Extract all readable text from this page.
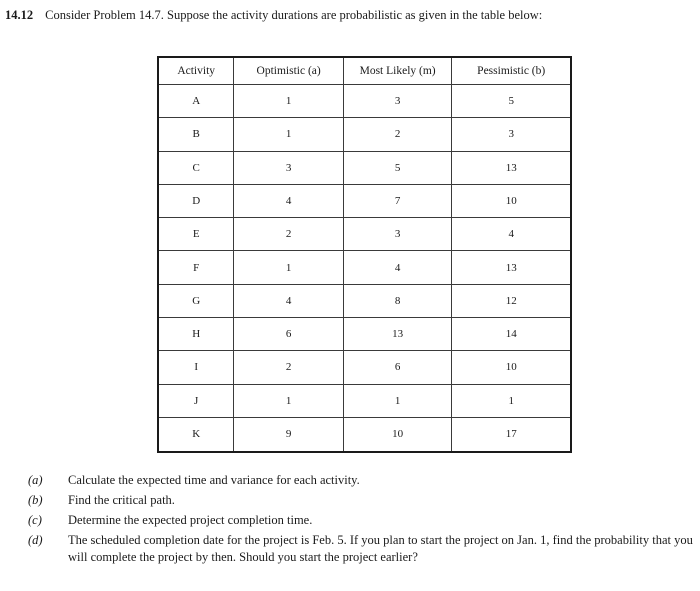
14.12 Consider Problem 14.7. Suppose the activity durations are probabilistic as given in the table below:
Activity	Optimistic (a)	Most Likely (m)	Pessimistic (b)
A	1	3	5
B	1	2	3
C	3	5	13
D	4	7	10
E	2	3	4
F	1	4	13
G	4	8	12
H	6	13	14
I	2	6	10
J	1	1	1
K	9	10	17
(a)	Calculate the expected time and variance for each activity.
(b)	Find the critical path.
(c)	Determine the expected project completion time.
(d)	The scheduled completion date for the project is Feb. 5. If you plan to start the project on Jan. 1, find the probability that you will complete the project by then. Should you start the project earlier?
